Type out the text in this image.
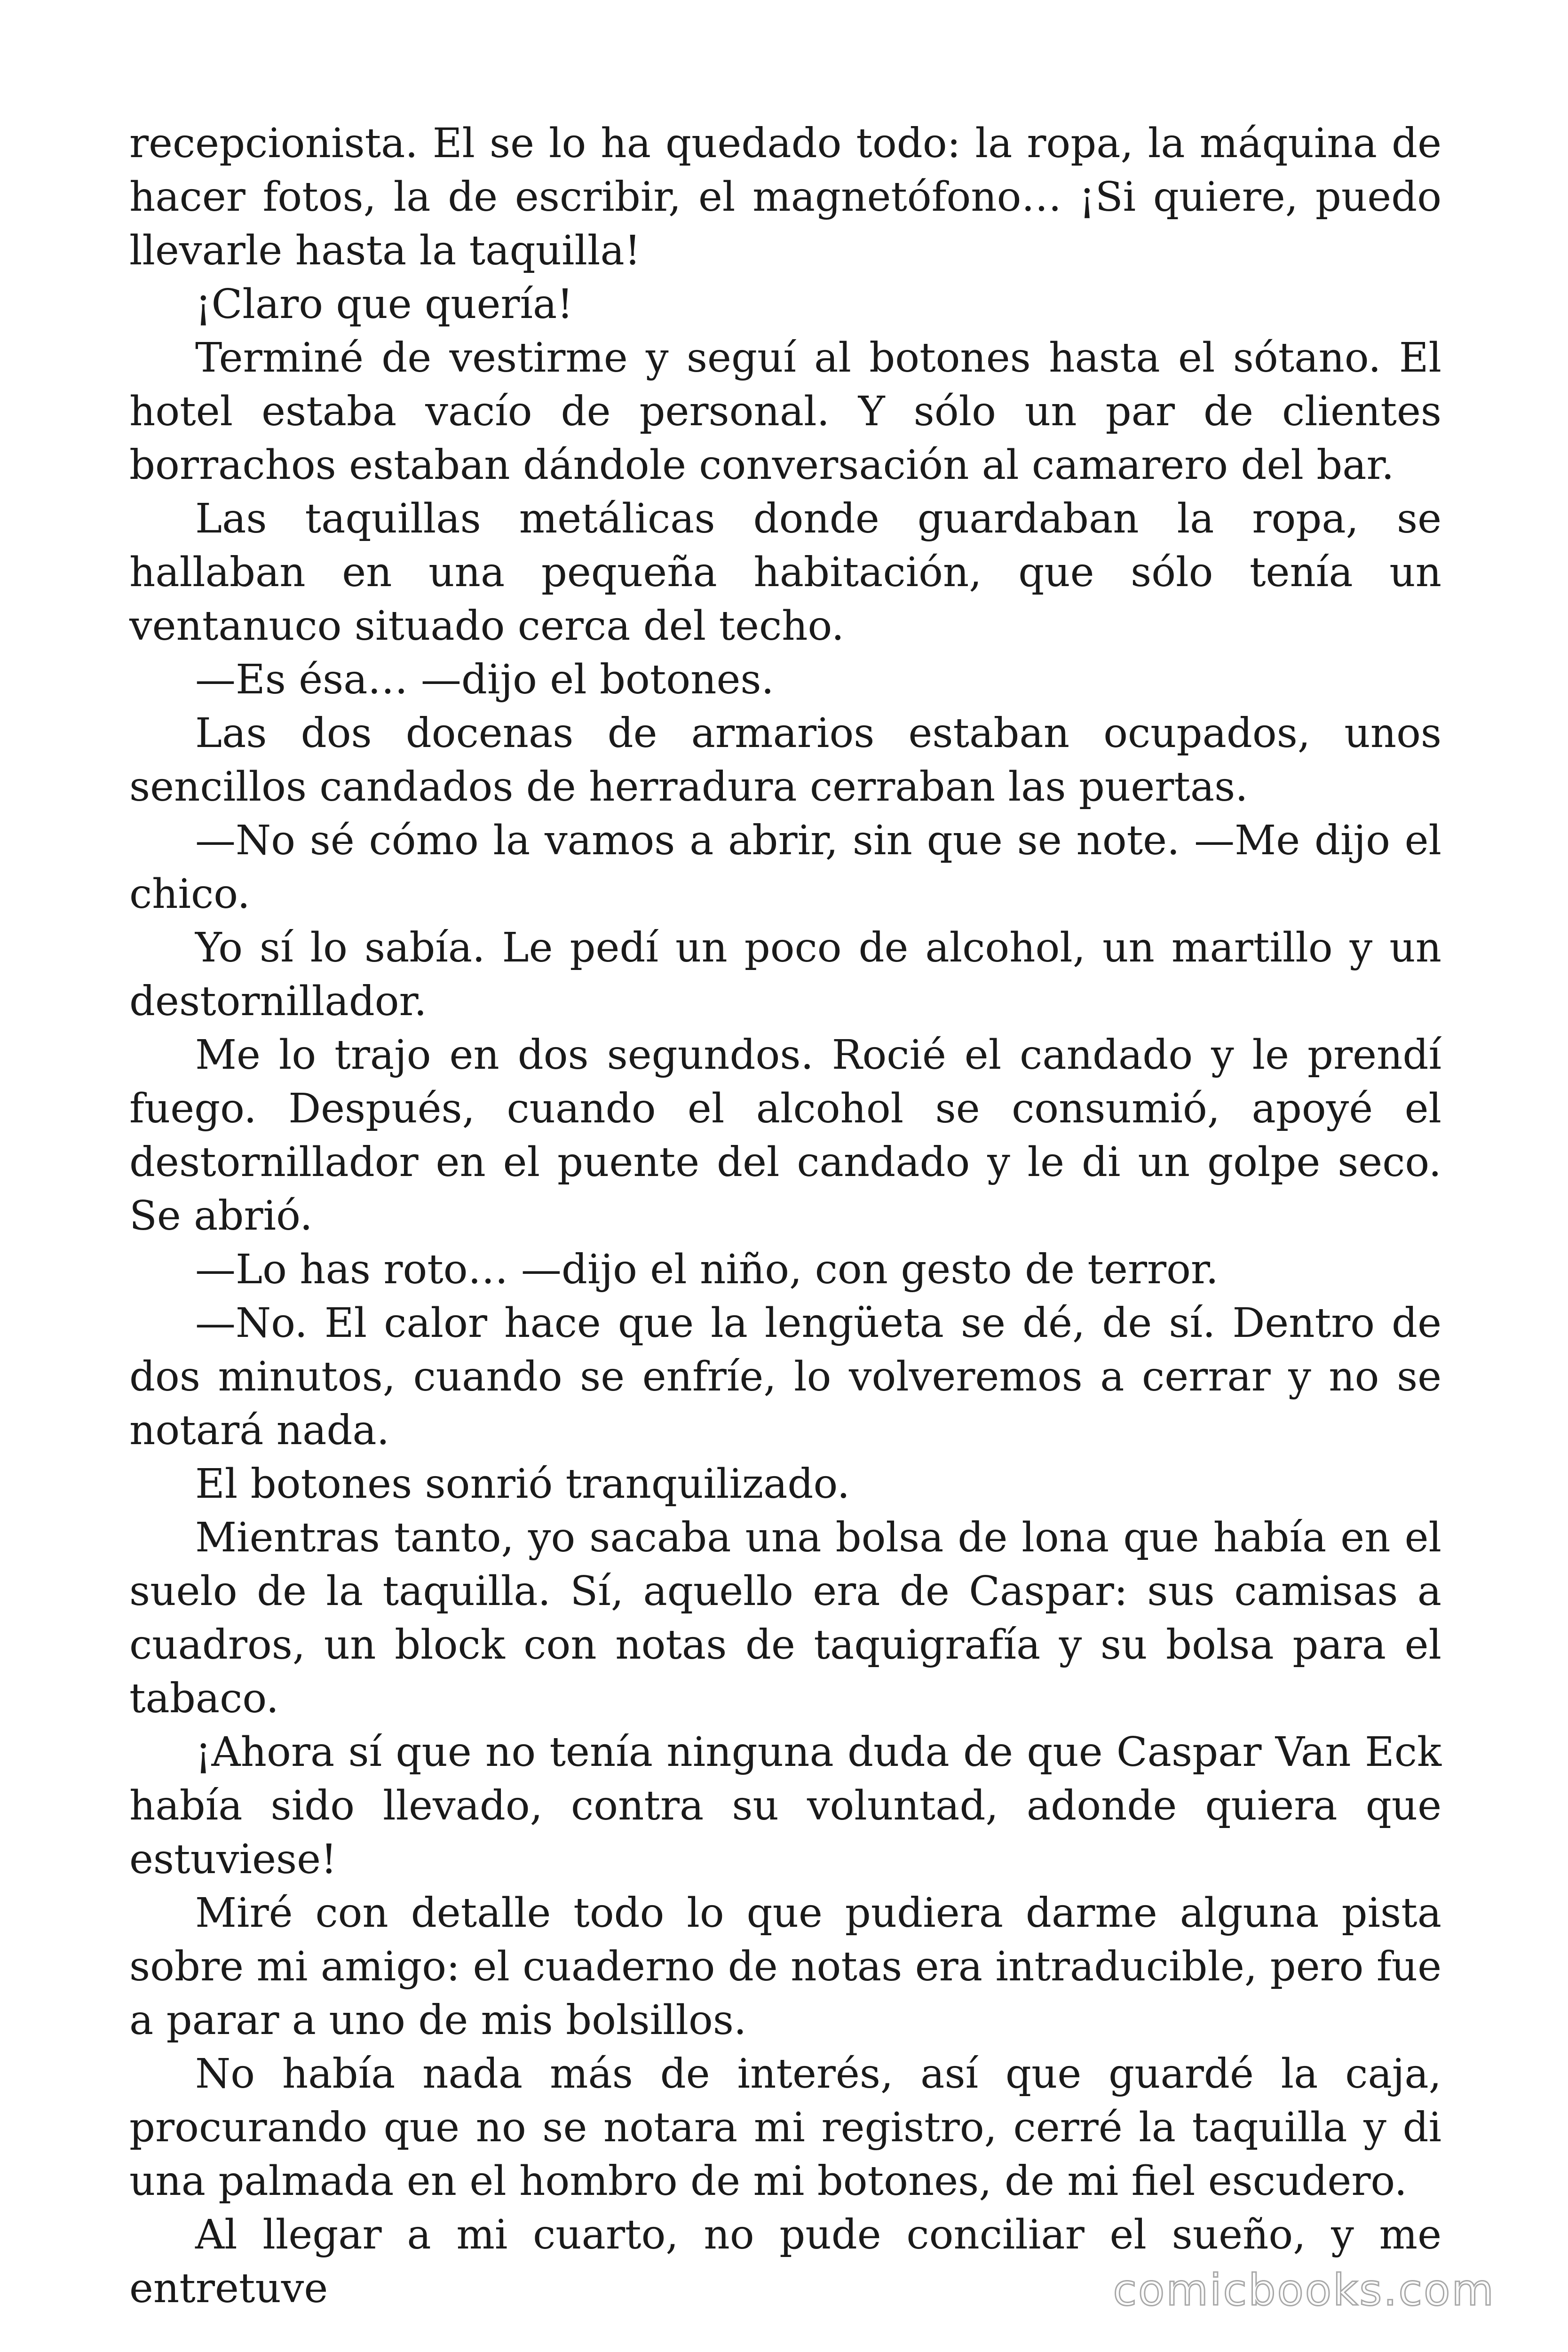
recepcionista. El se lo ha quedado todo: la ropa, la máquina de hacer fotos, la de escribir, el magnetófono… ¡Si quiere, puedo llevarle hasta la taquilla!

¡Claro que quería!

Terminé de vestirme y seguí al botones hasta el sótano. El hotel estaba vacío de personal. Y sólo un par de clientes borrachos estaban dándole conversación al camarero del bar.

Las taquillas metálicas donde guardaban la ropa, se hallaban en una pequeña habitación, que sólo tenía un ventanuco situado cerca del techo.

—Es ésa… —dijo el botones.

Las dos docenas de armarios estaban ocupados, unos sencillos candados de herradura cerraban las puertas.

—No sé cómo la vamos a abrir, sin que se note. —Me dijo el chico.

Yo sí lo sabía. Le pedí un poco de alcohol, un martillo y un destornillador.

Me lo trajo en dos segundos. Rocié el candado y le prendí fuego. Después, cuando el alcohol se consumió, apoyé el destornillador en el puente del candado y le di un golpe seco. Se abrió.

—Lo has roto… —dijo el niño, con gesto de terror.

—No. El calor hace que la lengüeta se dé, de sí. Dentro de dos minutos, cuando se enfríe, lo volveremos a cerrar y no se notará nada.

El botones sonrió tranquilizado.

Mientras tanto, yo sacaba una bolsa de lona que había en el suelo de la taquilla. Sí, aquello era de Caspar: sus camisas a cuadros, un block con notas de taquigrafía y su bolsa para el tabaco.

¡Ahora sí que no tenía ninguna duda de que Caspar Van Eck había sido llevado, contra su voluntad, adonde quiera que estuviese!

Miré con detalle todo lo que pudiera darme alguna pista sobre mi amigo: el cuaderno de notas era intraducible, pero fue a parar a uno de mis bolsillos.

No había nada más de interés, así que guardé la caja, procurando que no se notara mi registro, cerré la taquilla y di una palmada en el hombro de mi botones, de mi fiel escudero.

Al llegar a mi cuarto, no pude conciliar el sueño, y me entretuve	comicbooks.com
